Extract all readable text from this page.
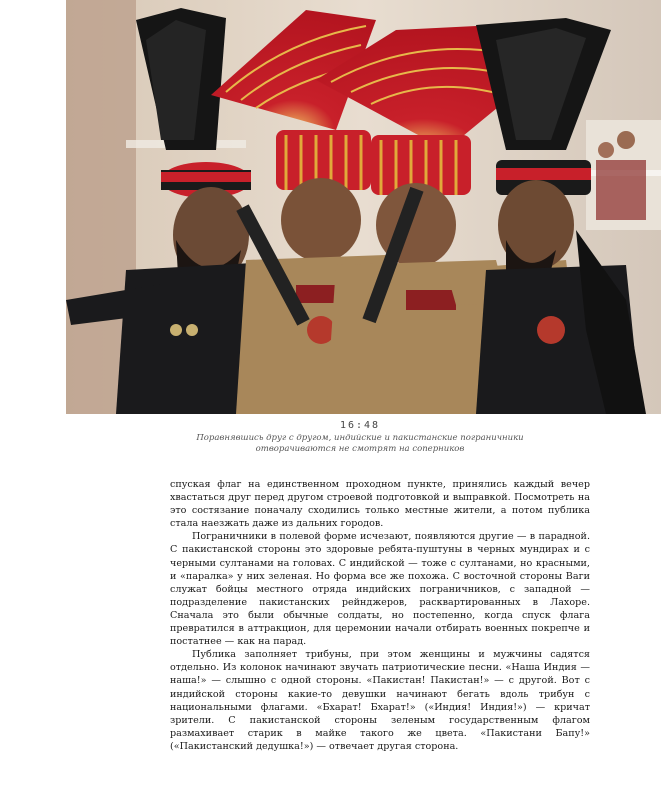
16:48
Поравнявшись друг с другом, индийские и пакистанские пограничники
отворачиваются не смотрят на соперников

спуская флаг на единственном проходном пункте, принялись каждый вечер хвастаться друг перед другом строевой подготовкой и выправкой. Посмотреть на это состязание поначалу сходились только местные жители, а потом публика стала наезжать даже из дальних городов.

Пограничники в полевой форме исчезают, появляются другие — в парадной. С пакистанской стороны это здоровые ребята-пуштуны в черных мундирах и с черными султанами на головах. С индийской — тоже с султанами, но красными, и «паралка» у них зеленая. Но форма все же похожа. С восточной стороны Ваги служат бойцы местного отряда индийских пограничников, с западной — подразделение пакистанских рейнджеров, расквартированных в Лахоре. Сначала это были обычные солдаты, но постепенно, когда спуск флага превратился в аттракцион, для церемонии начали отбирать военных покрепче и постатнее — как на парад.

Публика заполняет трибуны, при этом женщины и мужчины садятся отдельно. Из колонок начинают звучать патриотические песни. «Наша Индия — наша!» — слышно с одной стороны. «Пакистан! Пакистан!» — с другой. Вот с индийской стороны какие-то девушки начинают бегать вдоль трибун с национальными флагами. «Бхарат! Бхарат!» («Индия! Индия!») — кричат зрители. С пакистанской стороны зеленым государственным флагом размахивает старик в майке такого же цвета. «Пакистани Бапу!» («Пакистанский дедушка!») — отвечает другая сторона.
